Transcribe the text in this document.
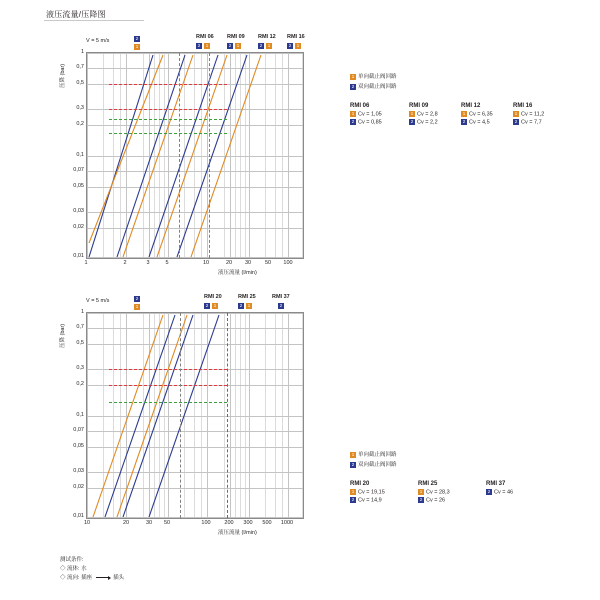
液压流量/压降图
1
0,7
0,5
0,3
0,2
0,1
0,07
0,05
0,03
0,02
0,01
1	2	3	5	10	20	30	50	100
压降 (bar)
液压流量 (l/min)
V = 5 m/s	2
1
RMI 06 RMI 09 RMI 12 RMI 16
2 1	2 1	2 1	2 1
1 单向截止阀回路
2 双向截止阀回路
RMI 06
1 Cv = 1,05
2 Cv = 0,85
RMI 09
1 Cv = 2,8
2 Cv = 2,2
RMI 12
1 Cv = 6,35
2 Cv = 4,5
RMI 16
1 Cv = 11,2
2 Cv = 7,7
1
0,7
0,5
0,3
0,2
0,1
0,07
0,05
0,03
0,02
0,01
10	20	30	50	100	200	300	500	1000
压降 (bar)
液压流量 (l/min)
V = 5 m/s	2
1
RMI 20	RMI 25	RMI 37
2 1	2 1	2
1 单向截止阀回路
2 双向截止阀回路
RMI 20
1 Cv = 19,15
2 Cv = 14,9
RMI 25
1 Cv = 28,3
2 Cv = 26
RMI 37
2 Cv = 46
测试条件:
◇ 流体: 水
◇ 流向: 插座	插头
